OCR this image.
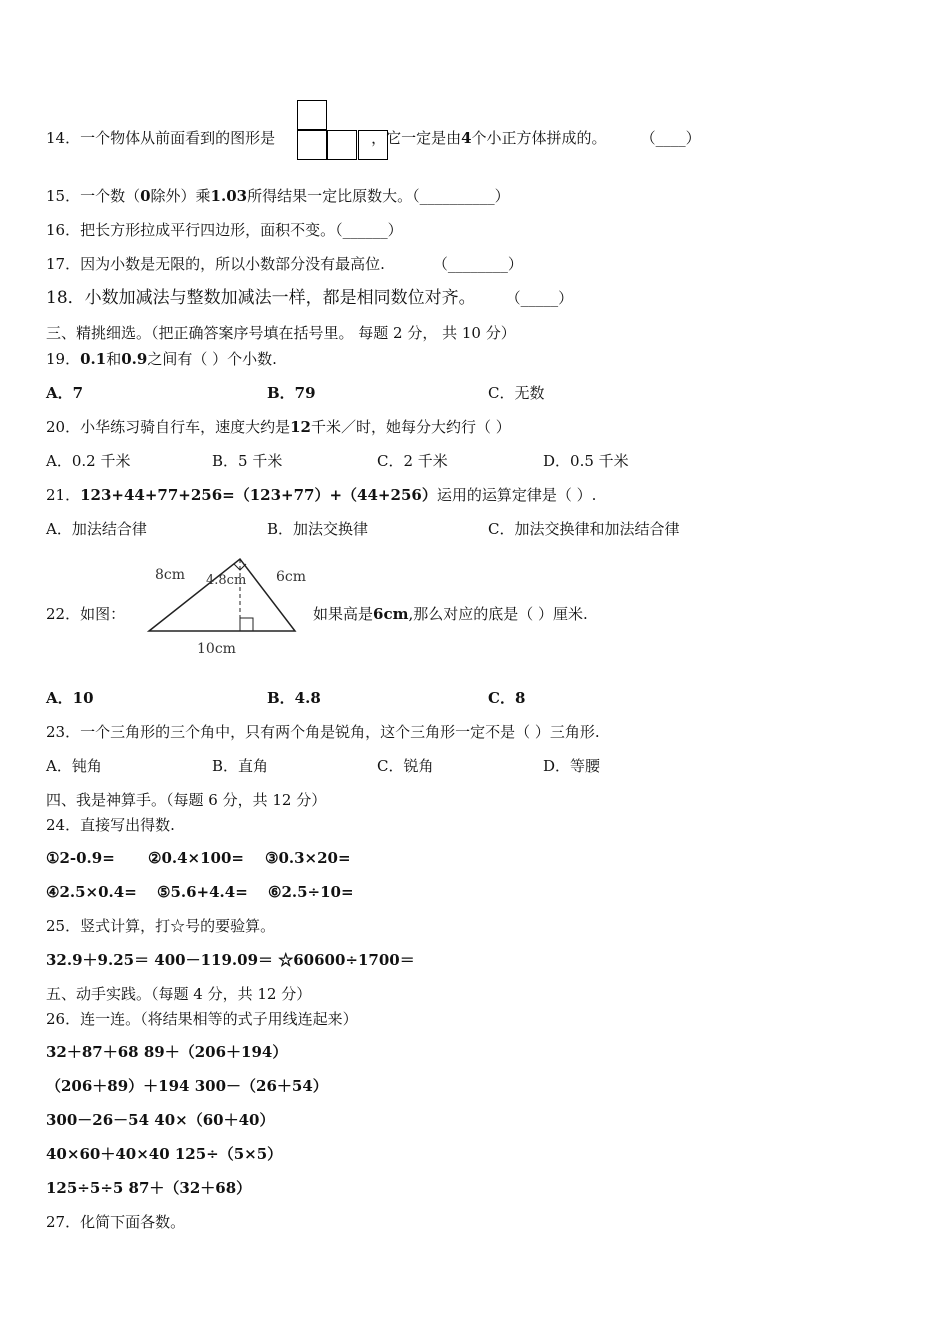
14．一个物体从前面看到的图形是	，它一定是由4个小正方体拼成的。 （____）
15．一个数（0除外）乘1.03所得结果一定比原数大。（__________）
16．把长方形拉成平行四边形，面积不变。（______）
17．因为小数是无限的，所以小数部分没有最高位.	（________）
18．小数加减法与整数加减法一样，都是相同数位对齐。 （_____）
三、精挑细选。（把正确答案序号填在括号里。 每题 2 分， 共 10 分）
19．0.1和0.9之间有（ ）个小数.
A．7	B．79	C．无数
20．小华练习骑自行车，速度大约是12千米／时，她每分大约行（ ）
A．0.2 千米	B．5 千米	C．2 千米	D．0.5 千米
21．123+44+77+256=（123+77）+（44+256）运用的运算定律是（ ）.
A．加法结合律	B．加法交换律	C．加法交换律和加法结合律
22．如图：
8cm 4.8cm 6cm
10cm
如果高是6cm,那么对应的底是（ ）厘米.
A．10	B．4.8	C．8
23．一个三角形的三个角中，只有两个角是锐角，这个三角形一定不是（ ）三角形.
A．钝角	B．直角	C．锐角	D．等腰
四、我是神算手。（每题 6 分，共 12 分）
24．直接写出得数.
①2-0.9= ②0.4×100= ③0.3×20=
④2.5×0.4= ⑤5.6+4.4= ⑥2.5÷10=
25．竖式计算，打☆号的要验算。
32.9＋9.25＝ 400－119.09＝ ☆60600÷1700＝
五、动手实践。（每题 4 分，共 12 分）
26．连一连。（将结果相等的式子用线连起来）
32＋87＋68 89＋（206＋194）
（206＋89）＋194 300－（26＋54）
300－26－54 40×（60＋40）
40×60＋40×40 125÷（5×5）
125÷5÷5 87＋（32＋68）
27．化简下面各数。
